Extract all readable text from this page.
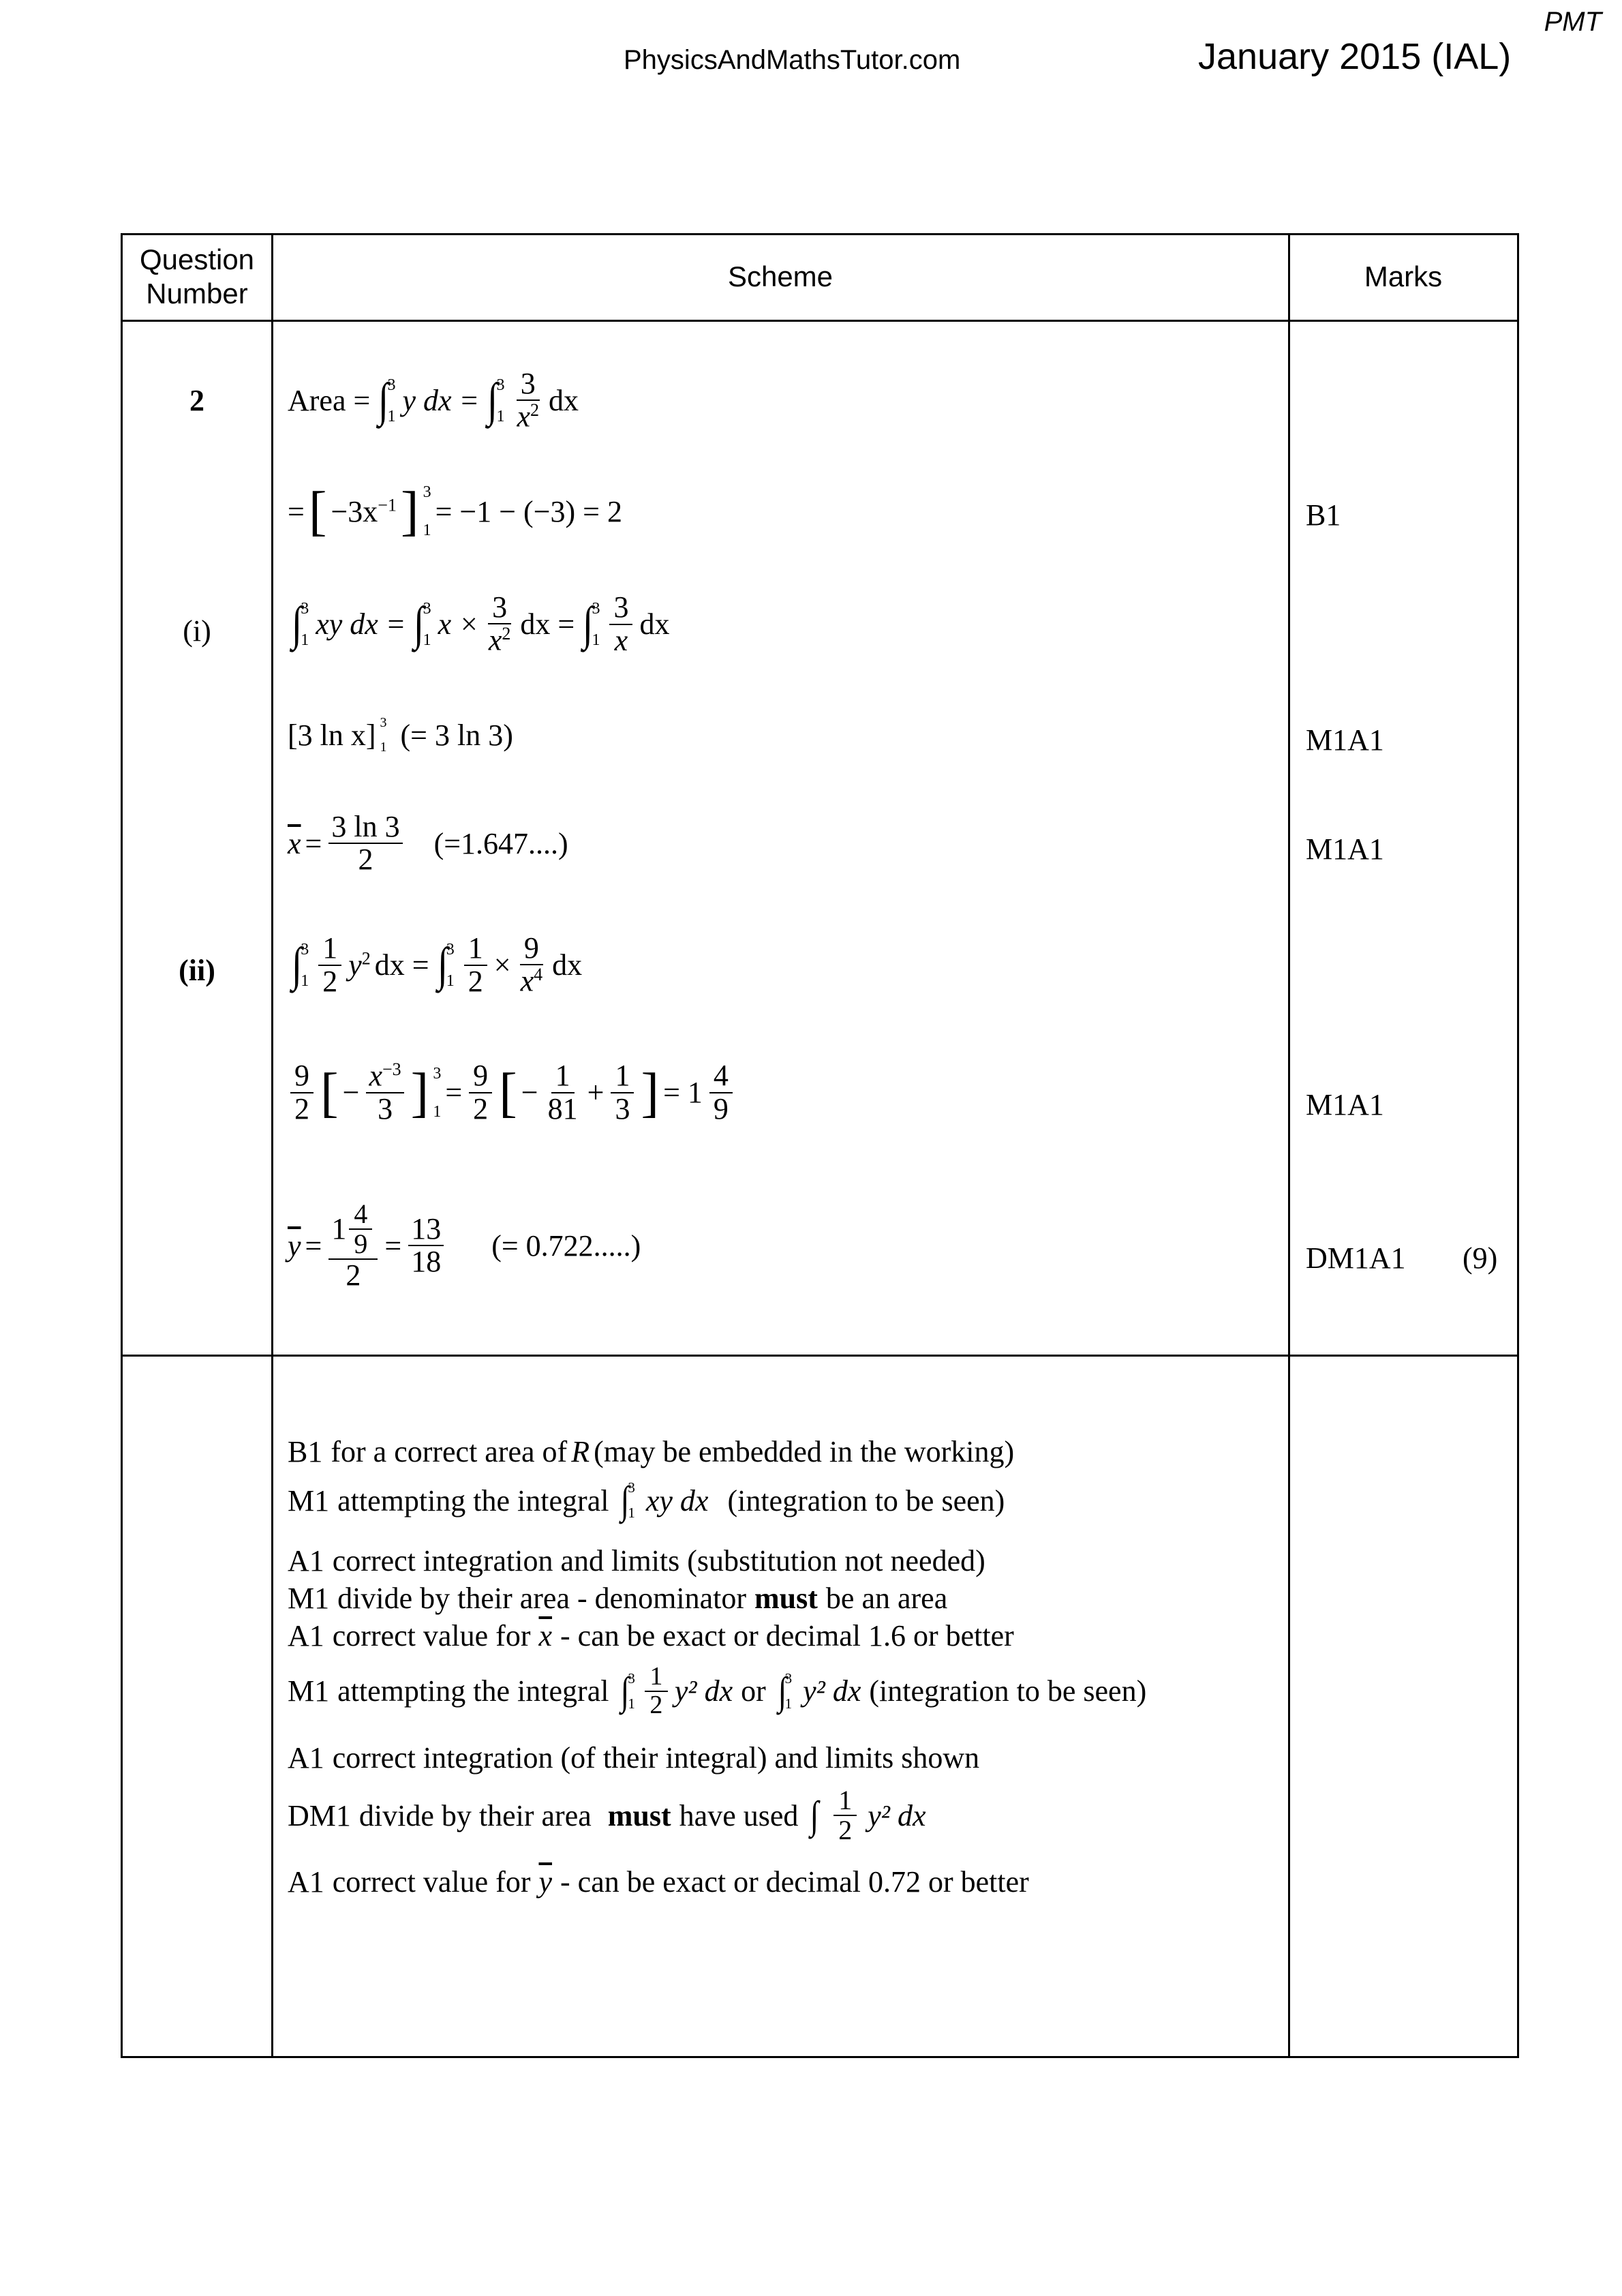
PMT
PhysicsAndMathsTutor.com	January 2015 (IAL)
Question
Number
Scheme	Marks
2
(i)
(ii)
Area = ∫
3
1 y dx = ∫
3
$1 \frac{3}{x^2}$ dx
= [ $-3x^{-1}$ ] 3
1
= −1 − (−3) = 2
∫
3
1 xy dx = ∫
3
1 $x \times \frac{3}{x^2}$ dx = ∫
3
$1 \frac{3}{x}$ dx
[3 ln x] 3
1 (= 3 ln 3)
$\overline{x} = \frac{3 \ln 3}{2} (=1.647....)$
∫
3
$1 \frac{1}{2} y^2$ dx = ∫
3
$1 \frac{1}{2} \times \frac{9}{x^4}$ dx
$\frac{9}{2}$ [ − $\frac{x^{-3}}{3}$ ] 3
1
= $\frac{9}{2}$ [ − $\frac{1}{81} + \frac{1}{3}$ ] = $1 \frac{4}{9}$
$\overline{y} = \frac{1 \frac{4}{9}}{2} = \frac{13}{18}$ (= 0.722.....)
B1
M1A1
M1A1
M1A1
DM1A1 (9)
B1 for a correct area of R (may be embedded in the working)
M1 attempting the integral ∫
3
1 xy dx (integration to be seen)
A1 correct integration and limits (substitution not needed)
M1 divide by their area - denominator must be an area
A1 correct value for $\overline{x}$ - can be exact or decimal 1.6 or better
M1 attempting the integral ∫
3
$1 \frac{1}{2} y^2$ dx or ∫
3
1 y² dx (integration to be seen)
A1 correct integration (of their integral) and limits shown
DM1 divide by their area must have used ∫ $\frac{1}{2} y^2$ dx
A1 correct value for $\overline{y}$ - can be exact or decimal 0.72 or better
